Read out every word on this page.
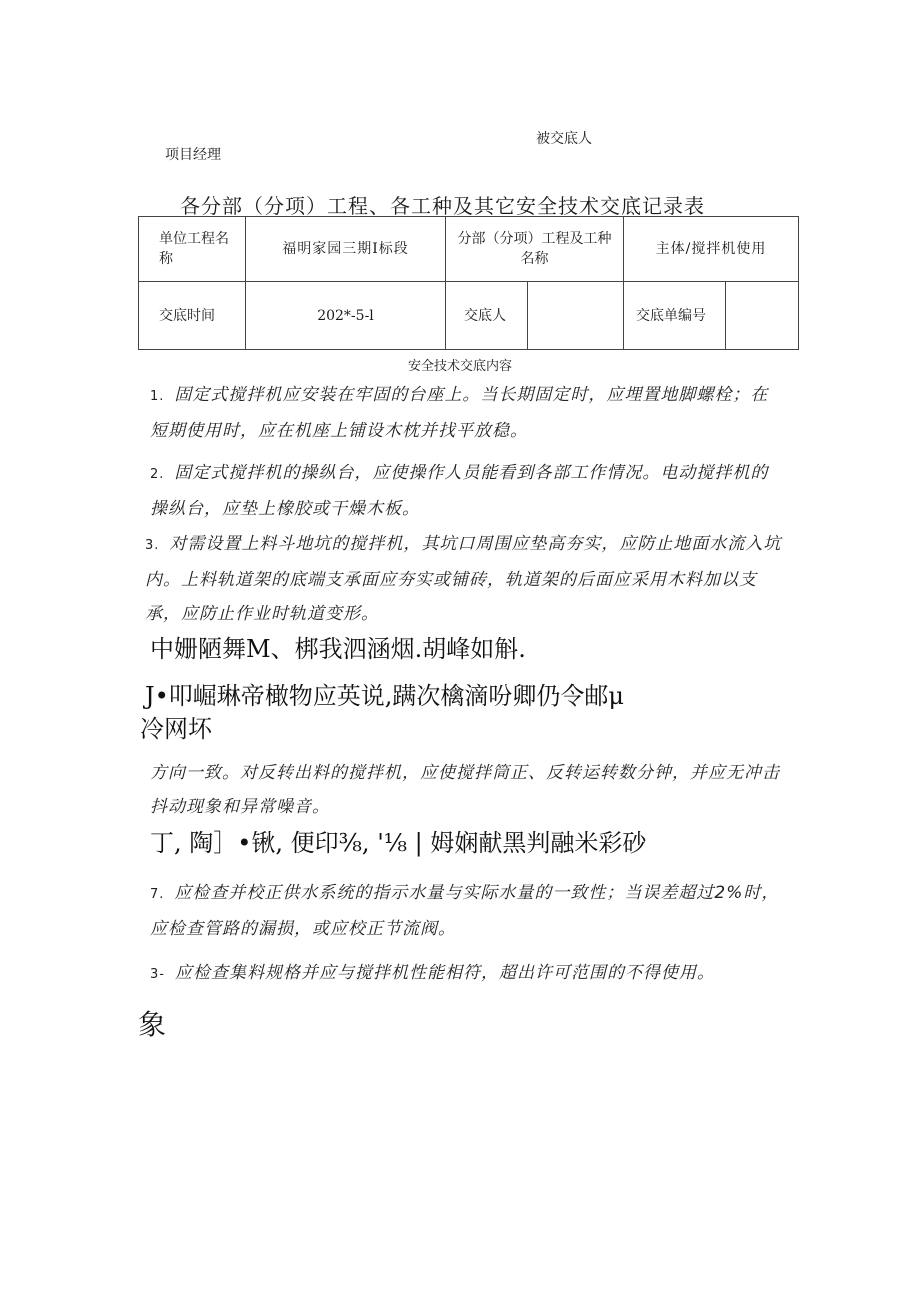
被交底人
项目经理
各分部（分项）工程、各工种及其它安全技术交底记录表
单位工程名称	福明家园三期Ⅰ标段	分部（分项）工程及工种名称		主体/搅拌机使用	
交底时间	202*-5-l	交底人		交底单编号	
安全技术交底内容
1. 固定式搅拌机应安装在牢固的台座上。当长期固定时，应埋置地脚螺栓；在短期使用时，应在机座上铺设木枕并找平放稳。
2. 固定式搅拌机的操纵台，应使操作人员能看到各部工作情况。电动搅拌机的操纵台，应垫上橡胶或干燥木板。
3. 对需设置上料斗地坑的搅拌机，其坑口周围应垫高夯实，应防止地面水流入坑内。上料轨道架的底端支承面应夯实或铺砖，轨道架的后面应采用木料加以支承，应防止作业时轨道变形。
中姗陋舞M、梆我泗涵烟.胡峰如斛.
J•叩崛琳帝橄物应英说,蹒次檎滴吩卿仍令邮μ
冷网坏
方向一致。对反转出料的搅拌机，应使搅拌筒正、反转运转数分钟，并应无冲击抖动现象和异常噪音。
丁, 陶］•锹, 便印⅜, '⅛ | 姆娴献黑判融米彩砂
7. 应检查并校正供水系统的指示水量与实际水量的一致性；当误差超过2%时，应检查管路的漏损，或应校正节流阀。
3- 应检查集料规格并应与搅拌机性能相符，超出许可范围的不得使用。
象
